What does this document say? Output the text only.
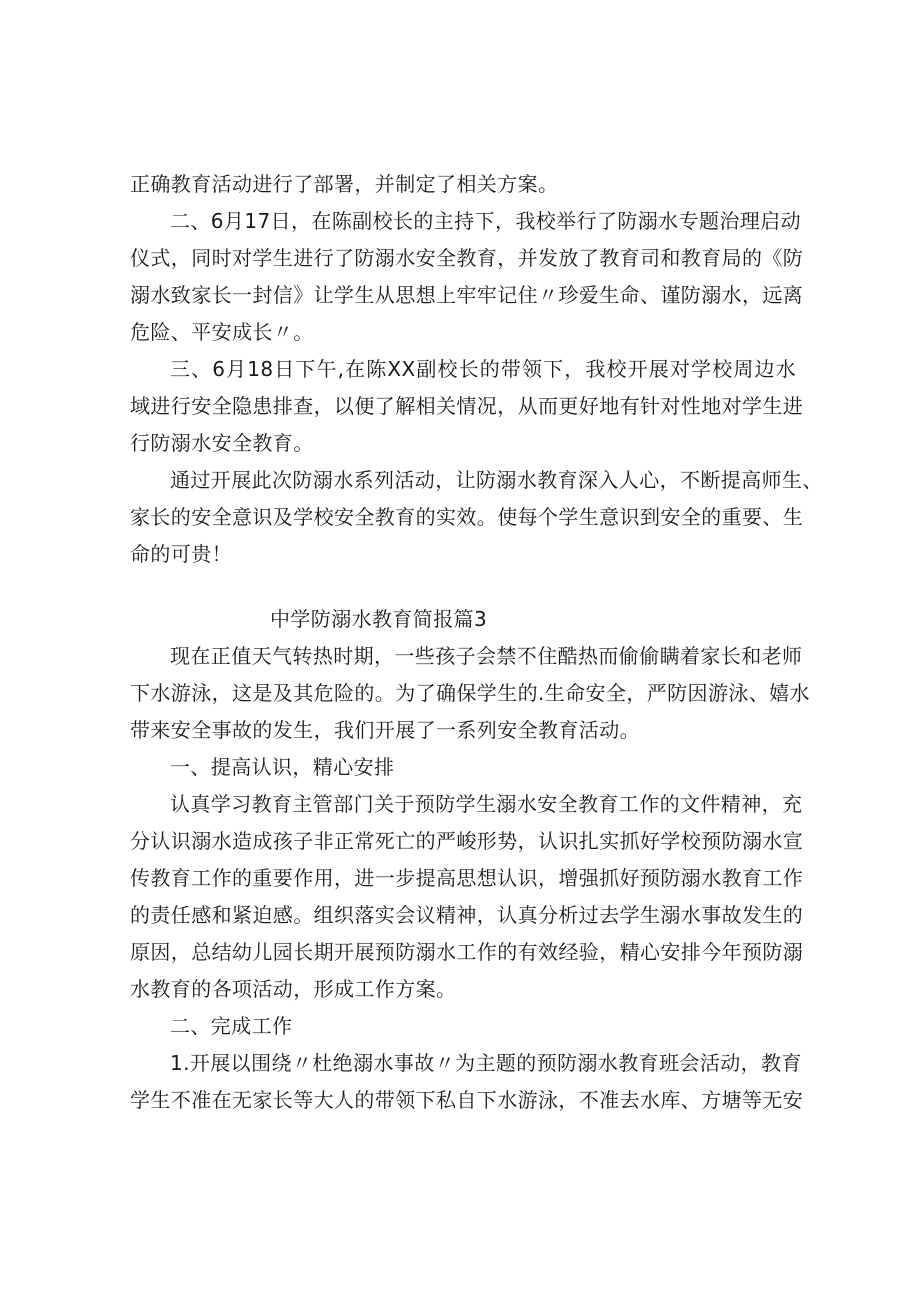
正确教育活动进行了部署，并制定了相关方案。
二、6月17日，在陈副校长的主持下，我校举行了防溺水专题治理启动
仪式，同时对学生进行了防溺水安全教育，并发放了教育司和教育局的《防
溺水致家长一封信》让学生从思想上牢牢记住〃珍爱生命、谨防溺水，远离
危险、平安成长〃。
三、6月18日下午,在陈XX副校长的带领下，我校开展对学校周边水
域进行安全隐患排查，以便了解相关情况，从而更好地有针对性地对学生进
行防溺水安全教育。
通过开展此次防溺水系列活动，让防溺水教育深入人心，不断提高师生、
家长的安全意识及学校安全教育的实效。使每个学生意识到安全的重要、生
命的可贵！
中学防溺水教育简报篇3
现在正值天气转热时期，一些孩子会禁不住酷热而偷偷瞒着家长和老师
下水游泳，这是及其危险的。为了确保学生的.生命安全，严防因游泳、嬉水
带来安全事故的发生，我们开展了一系列安全教育活动。
一、提高认识，精心安排
认真学习教育主管部门关于预防学生溺水安全教育工作的文件精神，充
分认识溺水造成孩子非正常死亡的严峻形势，认识扎实抓好学校预防溺水宣
传教育工作的重要作用，进一步提高思想认识，增强抓好预防溺水教育工作
的责任感和紧迫感。组织落实会议精神，认真分析过去学生溺水事故发生的
原因，总结幼儿园长期开展预防溺水工作的有效经验，精心安排今年预防溺
水教育的各项活动，形成工作方案。
二、完成工作
1.开展以围绕〃杜绝溺水事故〃为主题的预防溺水教育班会活动，教育
学生不准在无家长等大人的带领下私自下水游泳，不准去水库、方塘等无安
